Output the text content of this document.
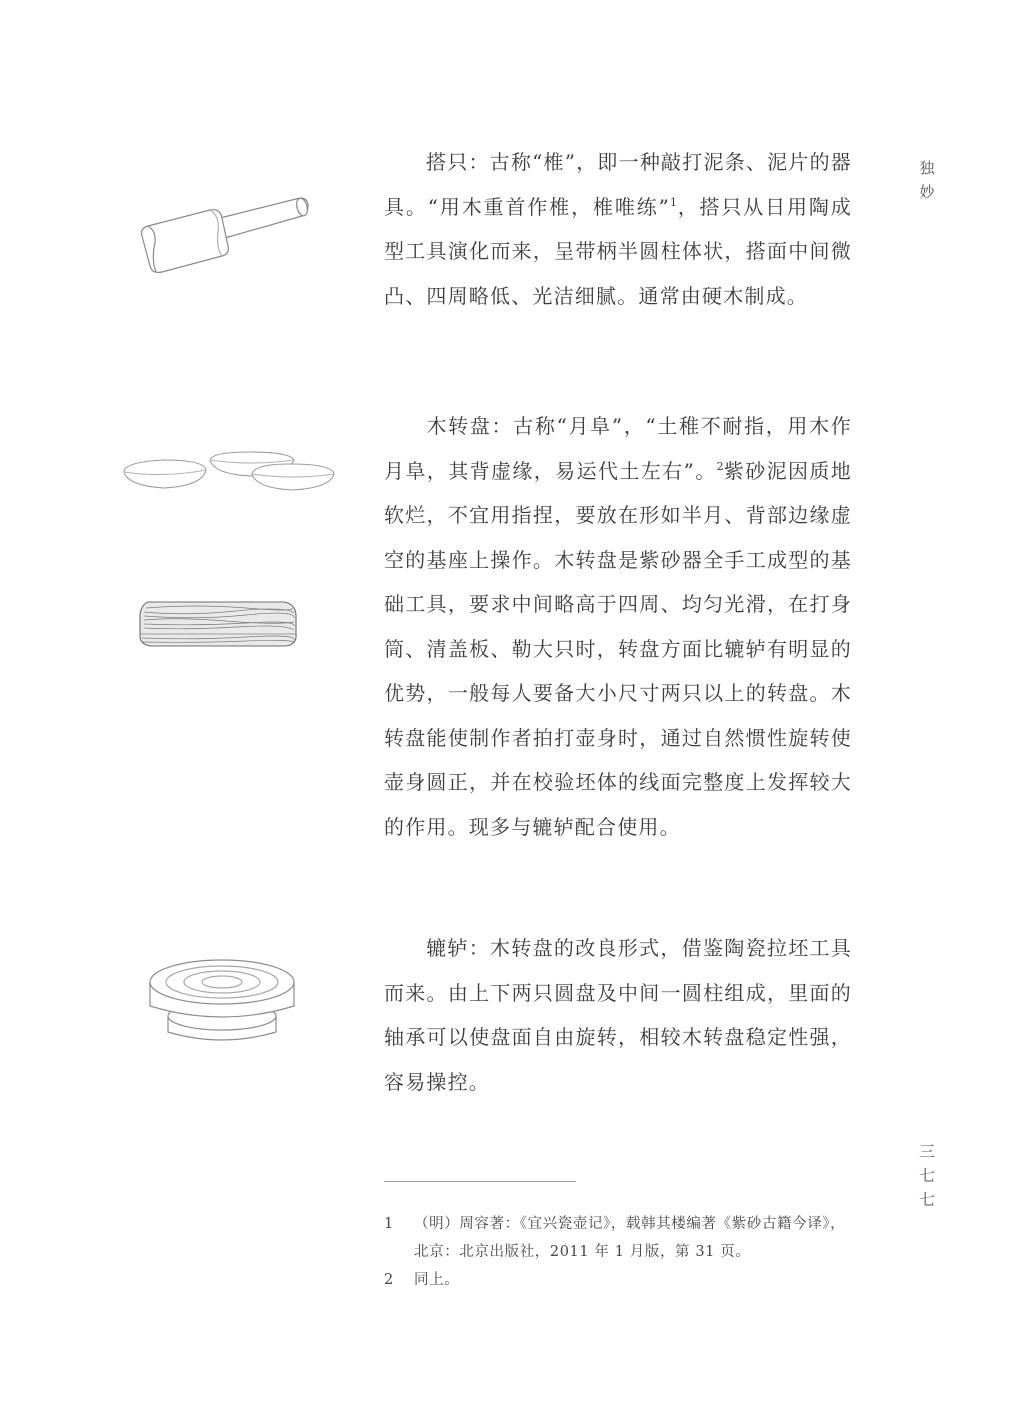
独
妙

搭只：古称“椎”，即一种敲打泥条、泥片的器具。“用木重首作椎，椎唯练”$^1$，搭只从日用陶成型工具演化而来，呈带柄半圆柱体状，搭面中间微凸、四周略低、光洁细腻。通常由硬木制成。

木转盘：古称“月阜”，“土稚不耐指，用木作月阜，其背虚缘，易运代土左右”。$^2$紫砂泥因质地软烂，不宜用指捏，要放在形如半月、背部边缘虚空的基座上操作。木转盘是紫砂器全手工成型的基础工具，要求中间略高于四周、均匀光滑，在打身筒、清盖板、勒大只时，转盘方面比辘轳有明显的优势，一般每人要备大小尺寸两只以上的转盘。木转盘能使制作者拍打壶身时，通过自然惯性旋转使壶身圆正，并在校验坯体的线面完整度上发挥较大的作用。现多与辘轳配合使用。

辘轳：木转盘的改良形式，借鉴陶瓷拉坯工具而来。由上下两只圆盘及中间一圆柱组成，里面的轴承可以使盘面自由旋转，相较木转盘稳定性强，容易操控。

三
七
七
1 （明）周容著：《宜兴瓷壶记》，载韩其楼编著《紫砂古籍今译》，北京：北京出版社，2011 年 1 月版，第 31 页。
2 同上。
